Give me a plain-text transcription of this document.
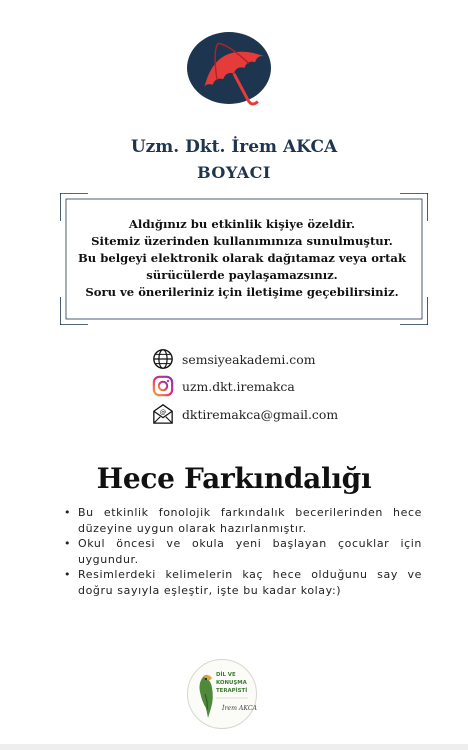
Uzm. Dkt. İrem AKCA
BOYACI
Aldığınız bu etkinlik kişiye özeldir.
Sitemiz üzerinden kullanımınıza sunulmuştur.
Bu belgeyi elektronik olarak dağıtamaz veya ortak
sürücülerde paylaşamazsınız.
Soru ve önerileriniz için iletişime geçebilirsiniz.
semsiyeakademi.com
uzm.dkt.iremakca
@ dktiremakca@gmail.com
Hece Farkındalığı
• Bu etkinlik fonolojik farkındalık becerilerinden hece düzeyine uygun olarak hazırlanmıştır.
• Okul öncesi ve okula yeni başlayan çocuklar için uygundur.
• Resimlerdeki kelimelerin kaç hece olduğunu say ve doğru sayıyla eşleştir, işte bu kadar kolay:)
DİL VE
KONUŞMA
TERAPİSTİ
İrem AKCA
